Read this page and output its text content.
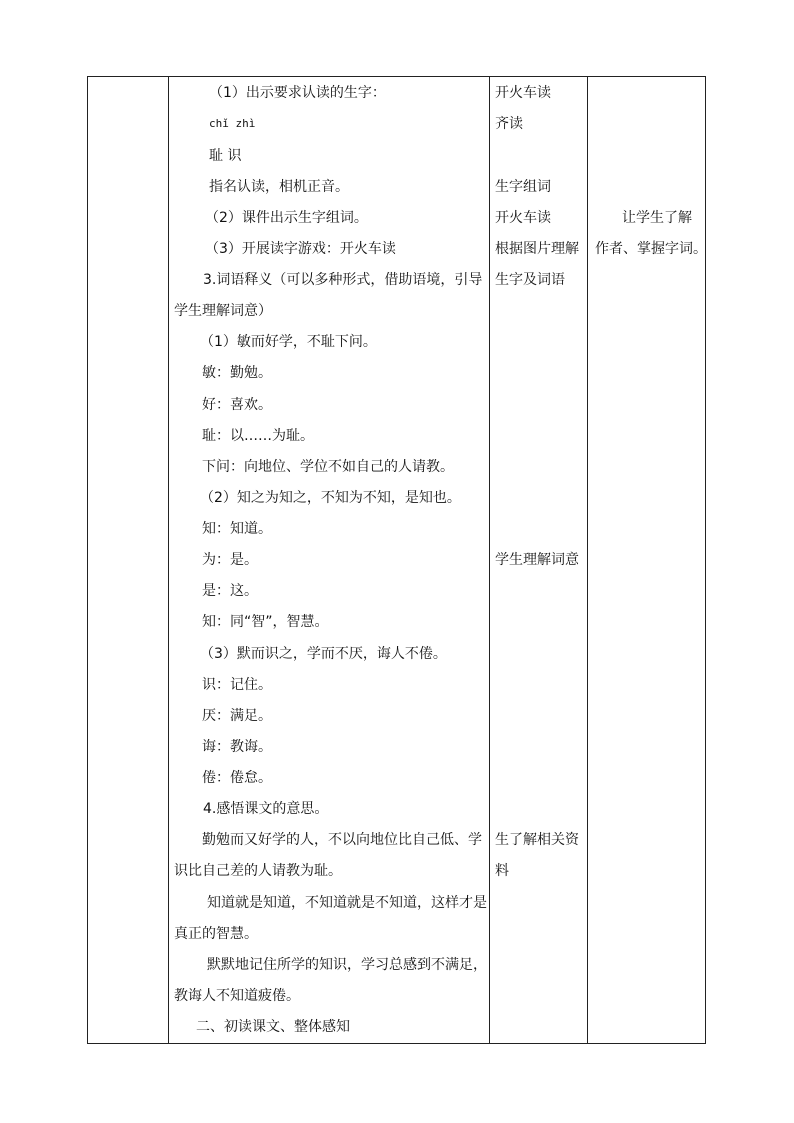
（1）出示要求认读的生字：
chǐ zhì
耻 识
指名认读，相机正音。
（2）课件出示生字组词。
（3）开展读字游戏：开火车读
3.词语释义（可以多种形式，借助语境，引导
学生理解词意）
（1）敏而好学，不耻下问。
敏：勤勉。
好：喜欢。
耻：以……为耻。
下问：向地位、学位不如自己的人请教。
（2）知之为知之，不知为不知，是知也。
知：知道。
为：是。
是：这。
知：同“智”，智慧。
（3）默而识之，学而不厌，诲人不倦。
识：记住。
厌：满足。
诲：教诲。
倦：倦怠。
4.感悟课文的意思。
勤勉而又好学的人，不以向地位比自己低、学
识比自己差的人请教为耻。
知道就是知道，不知道就是不知道，这样才是
真正的智慧。
默默地记住所学的知识，学习总感到不满足，
教诲人不知道疲倦。
二、初读课文、整体感知
开火车读
齐读
生字组词
开火车读
根据图片理解
生字及词语
学生理解词意
生了解相关资
料
让学生了解
作者、掌握字词。
